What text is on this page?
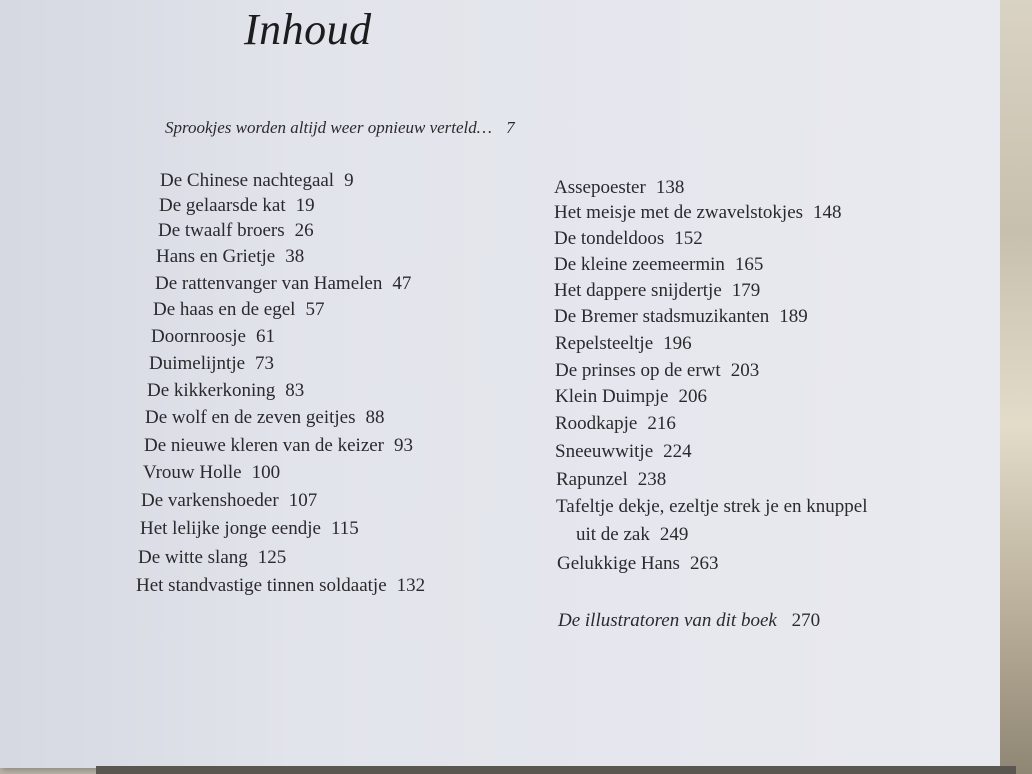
Inhoud
Sprookjes worden altijd weer opnieuw verteld… 7
De Chinese nachtegaal 9
De gelaarsde kat 19
De twaalf broers 26
Hans en Grietje 38
De rattenvanger van Hamelen 47
De haas en de egel 57
Doornroosje 61
Duimelijntje 73
De kikkerkoning 83
De wolf en de zeven geitjes 88
De nieuwe kleren van de keizer 93
Vrouw Holle 100
De varkenshoeder 107
Het lelijke jonge eendje 115
De witte slang 125
Het standvastige tinnen soldaatje 132
Assepoester 138
Het meisje met de zwavelstokjes 148
De tondeldoos 152
De kleine zeemeermin 165
Het dappere snijdertje 179
De Bremer stadsmuzikanten 189
Repelsteeltje 196
De prinses op de erwt 203
Klein Duimpje 206
Roodkapje 216
Sneeuwwitje 224
Rapunzel 238
Tafeltje dekje, ezeltje strek je en knuppel
uit de zak 249
Gelukkige Hans 263
De illustratoren van dit boek 270
